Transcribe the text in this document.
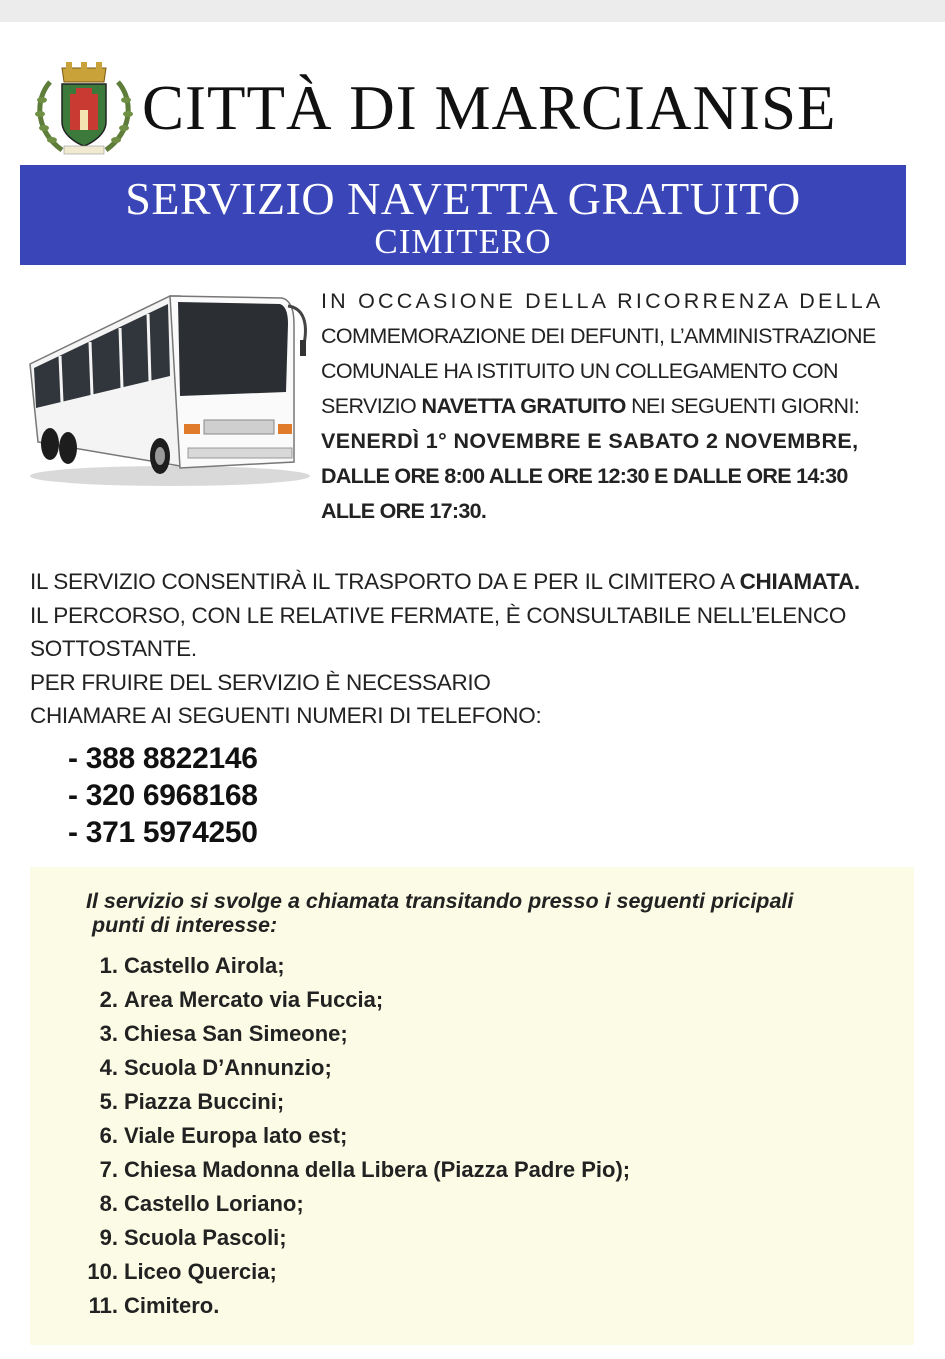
CITTÀ DI MARCIANISE
SERVIZIO NAVETTA GRATUITO
CIMITERO

IN OCCASIONE DELLA RICORRENZA DELLA

COMMEMORAZIONE DEI DEFUNTI, L’AMMINISTRAZIONE

COMUNALE HA ISTITUITO UN COLLEGAMENTO CON

SERVIZIO NAVETTA GRATUITO NEI SEGUENTI GIORNI:

VENERDÌ 1° NOVEMBRE E SABATO 2 NOVEMBRE,

DALLE ORE 8:00 ALLE ORE 12:30 E DALLE ORE 14:30

ALLE ORE 17:30.

IL SERVIZIO CONSENTIRÀ IL TRASPORTO DA E PER IL CIMITERO A CHIAMATA.

IL PERCORSO, CON LE RELATIVE FERMATE, È CONSULTABILE NELL’ELENCO

SOTTOSTANTE.

PER FRUIRE DEL SERVIZIO È NECESSARIO

CHIAMARE AI SEGUENTI NUMERI DI TELEFONO:

- 388 8822146
- 320 6968168
- 371 5974250
Il servizio si svolge a chiamata transitando presso i seguenti pricipali
punti di interesse:
1. Castello Airola;
2. Area Mercato via Fuccia;
3. Chiesa San Simeone;
4. Scuola D’Annunzio;
5. Piazza Buccini;
6. Viale Europa lato est;
7. Chiesa Madonna della Libera (Piazza Padre Pio);
8. Castello Loriano;
9. Scuola Pascoli;
10. Liceo Quercia;
11. Cimitero.
